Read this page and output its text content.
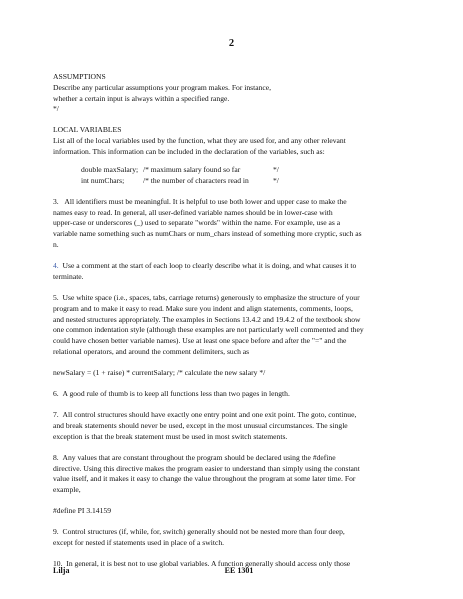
2
ASSUMPTIONS
Describe any particular assumptions your program makes. For instance,
whether a certain input is always within a specified range.
*/
LOCAL VARIABLES
List all of the local variables used by the function, what they are used for, and any other relevant
information. This information can be included in the declaration of the variables, such as:
double maxSalary; /* maximum salary found so far	*/
int numChars;	/* the number of characters read in	*/
3. All identifiers must be meaningful. It is helpful to use both lower and upper case to make the
names easy to read. In general, all user-defined variable names should be in lower-case with
upper-case or underscores (_) used to separate "words" within the name. For example, use as a
variable name something such as numChars or num_chars instead of something more cryptic, such as
n.
4. Use a comment at the start of each loop to clearly describe what it is doing, and what causes it to
terminate.
5. Use white space (i.e., spaces, tabs, carriage returns) generously to emphasize the structure of your
program and to make it easy to read. Make sure you indent and align statements, comments, loops,
and nested structures appropriately. The examples in Sections 13.4.2 and 19.4.2 of the textbook show
one common indentation style (although these examples are not particularly well commented and they
could have chosen better variable names). Use at least one space before and after the "=" and the
relational operators, and around the comment delimiters, such as
newSalary = (1 + raise) * currentSalary; /* calculate the new salary */
6. A good rule of thumb is to keep all functions less than two pages in length.
7. All control structures should have exactly one entry point and one exit point. The goto, continue,
and break statements should never be used, except in the most unusual circumstances. The single
exception is that the break statement must be used in most switch statements.
8. Any values that are constant throughout the program should be declared using the #define
directive. Using this directive makes the program easier to understand than simply using the constant
value itself, and it makes it easy to change the value throughout the program at some later time. For
example,
#define PI 3.14159
9. Control structures (if, while, for, switch) generally should not be nested more than four deep,
except for nested if statements used in place of a switch.
10. In general, it is best not to use global variables. A function generally should access only those
Lilja	EE 1301
